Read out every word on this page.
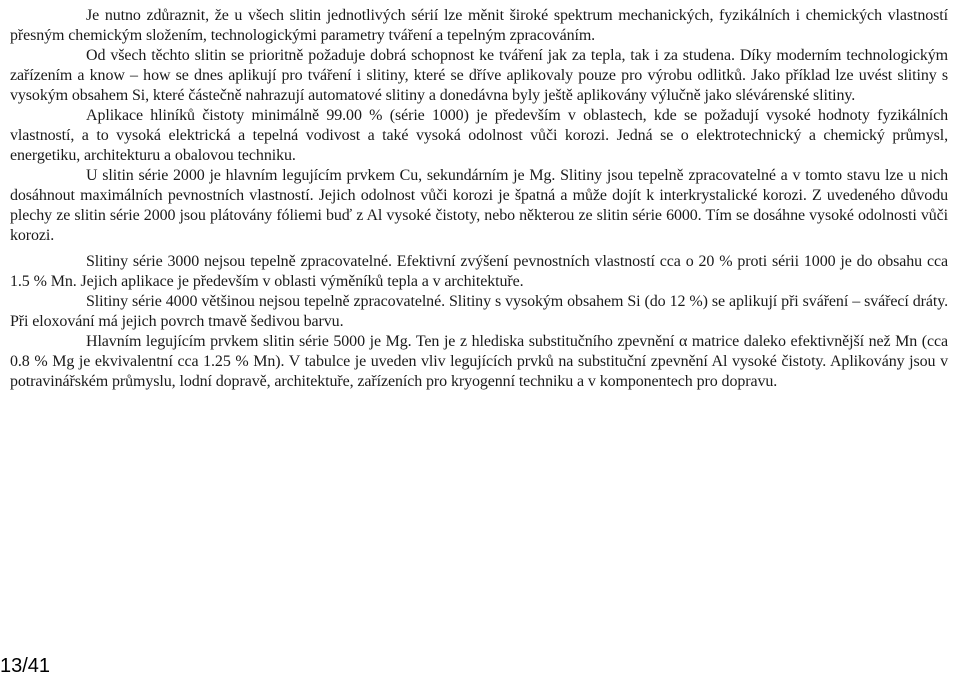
Je nutno zdůraznit, že u všech slitin jednotlivých sérií lze měnit široké spektrum mechanických, fyzikálních i chemických vlastností přesným chemickým složením, technologickými parametry tváření a tepelným zpracováním.

Od všech těchto slitin se prioritně požaduje dobrá schopnost ke tváření jak za tepla, tak i za studena. Díky moderním technologickým zařízením a know – how se dnes aplikují pro tváření i slitiny, které se dříve aplikovaly pouze pro výrobu odlitků. Jako příklad lze uvést slitiny s vysokým obsahem Si, které částečně nahrazují automatové slitiny a donedávna byly ještě aplikovány výlučně jako slévárenské slitiny.

Aplikace hliníků čistoty minimálně 99.00 % (série 1000) je především v oblastech, kde se požadují vysoké hodnoty fyzikálních vlastností, a to vysoká elektrická a tepelná vodivost a také vysoká odolnost vůči korozi. Jedná se o elektrotechnický a chemický průmysl, energetiku, architekturu a obalovou techniku.

U slitin série 2000 je hlavním legujícím prvkem Cu, sekundárním je Mg. Slitiny jsou tepelně zpracovatelné a v tomto stavu lze u nich dosáhnout maximálních pevnostních vlastností. Jejich odolnost vůči korozi je špatná a může dojít k interkrystalické korozi. Z uvedeného důvodu plechy ze slitin série 2000 jsou plátovány fóliemi buď z Al vysoké čistoty, nebo některou ze slitin série 6000. Tím se dosáhne vysoké odolnosti vůči korozi.

Slitiny série 3000 nejsou tepelně zpracovatelné. Efektivní zvýšení pevnostních vlastností cca o 20 % proti sérii 1000 je do obsahu cca 1.5 % Mn. Jejich aplikace je především v oblasti výměníků tepla a v architektuře.

Slitiny série 4000 většinou nejsou tepelně zpracovatelné. Slitiny s vysokým obsahem Si (do 12 %) se aplikují při sváření – svářecí dráty. Při eloxování má jejich povrch tmavě šedivou barvu.

Hlavním legujícím prvkem slitin série 5000 je Mg. Ten je z hlediska substitučního zpevnění α matrice daleko efektivnější než Mn (cca 0.8 % Mg je ekvivalentní cca 1.25 % Mn). V tabulce je uveden vliv legujících prvků na substituční zpevnění Al vysoké čistoty. Aplikovány jsou v potravinářském průmyslu, lodní dopravě, architektuře, zařízeních pro kryogenní techniku a v komponentech pro dopravu.

13/41
